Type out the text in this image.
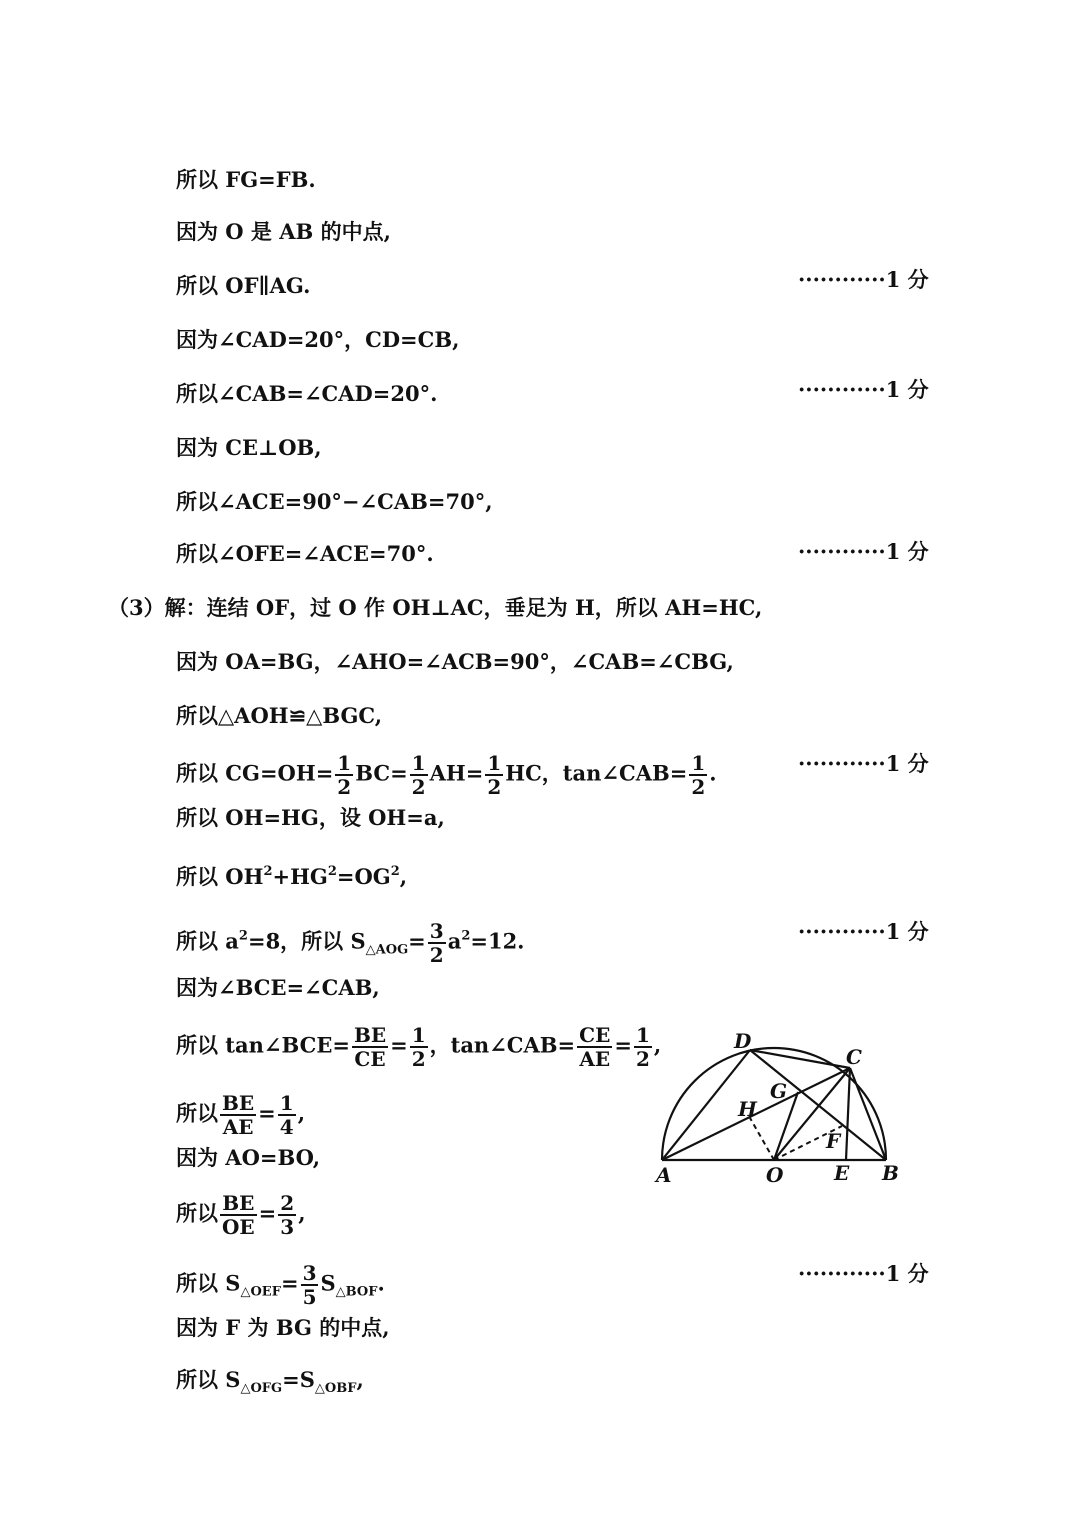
所以 FG=FB.
因为 O 是 AB 的中点,
所以 OF∥AG.	············1 分
因为∠CAD=20°，CD=CB,
所以∠CAB=∠CAD=20°.	············1 分
因为 CE⊥OB,
所以∠ACE=90°−∠CAB=70°,
所以∠OFE=∠ACE=70°.	············1 分
（3）解：连结 OF，过 O 作 OH⊥AC，垂足为 H，所以 AH=HC,
因为 OA=BG，∠AHO=∠ACB=90°，∠CAB=∠CBG,
所以△AOH≌△BGC,
所以 $CG=OH= \frac{1}{2} BC= \frac{1}{2} AH= \frac{1}{2}$ HC，tan∠CAB= $\frac{1}{2}$ .	············1 分
所以 OH=HG，设 OH=a,
所以 $OH^2+HG^2=OG^2$,
所以 $a^2=8$，所以 $S_{\triangle AOG}= \frac{3}{2} a^2=12$.	············1 分
因为∠BCE=∠CAB,
所以 tan∠BCE= $\frac{BE}{CE} = \frac{1}{2}$ ，tan∠CAB= $\frac{CE}{AE} = \frac{1}{2}$ ,
所以 $\frac{BE}{AE} = \frac{1}{4}$ ,
因为 AO=BO,
所以 $\frac{BE}{OE} = \frac{2}{3}$ ,
所以 $S_{\triangle OEF}= \frac{3}{5} S_{\triangle BOF}$.	············1 分
因为 F 为 BG 的中点,
所以 $S_{\triangle OFG}=S_{\triangle OBF}$,
A	O	E B
C
D
G
H
F
